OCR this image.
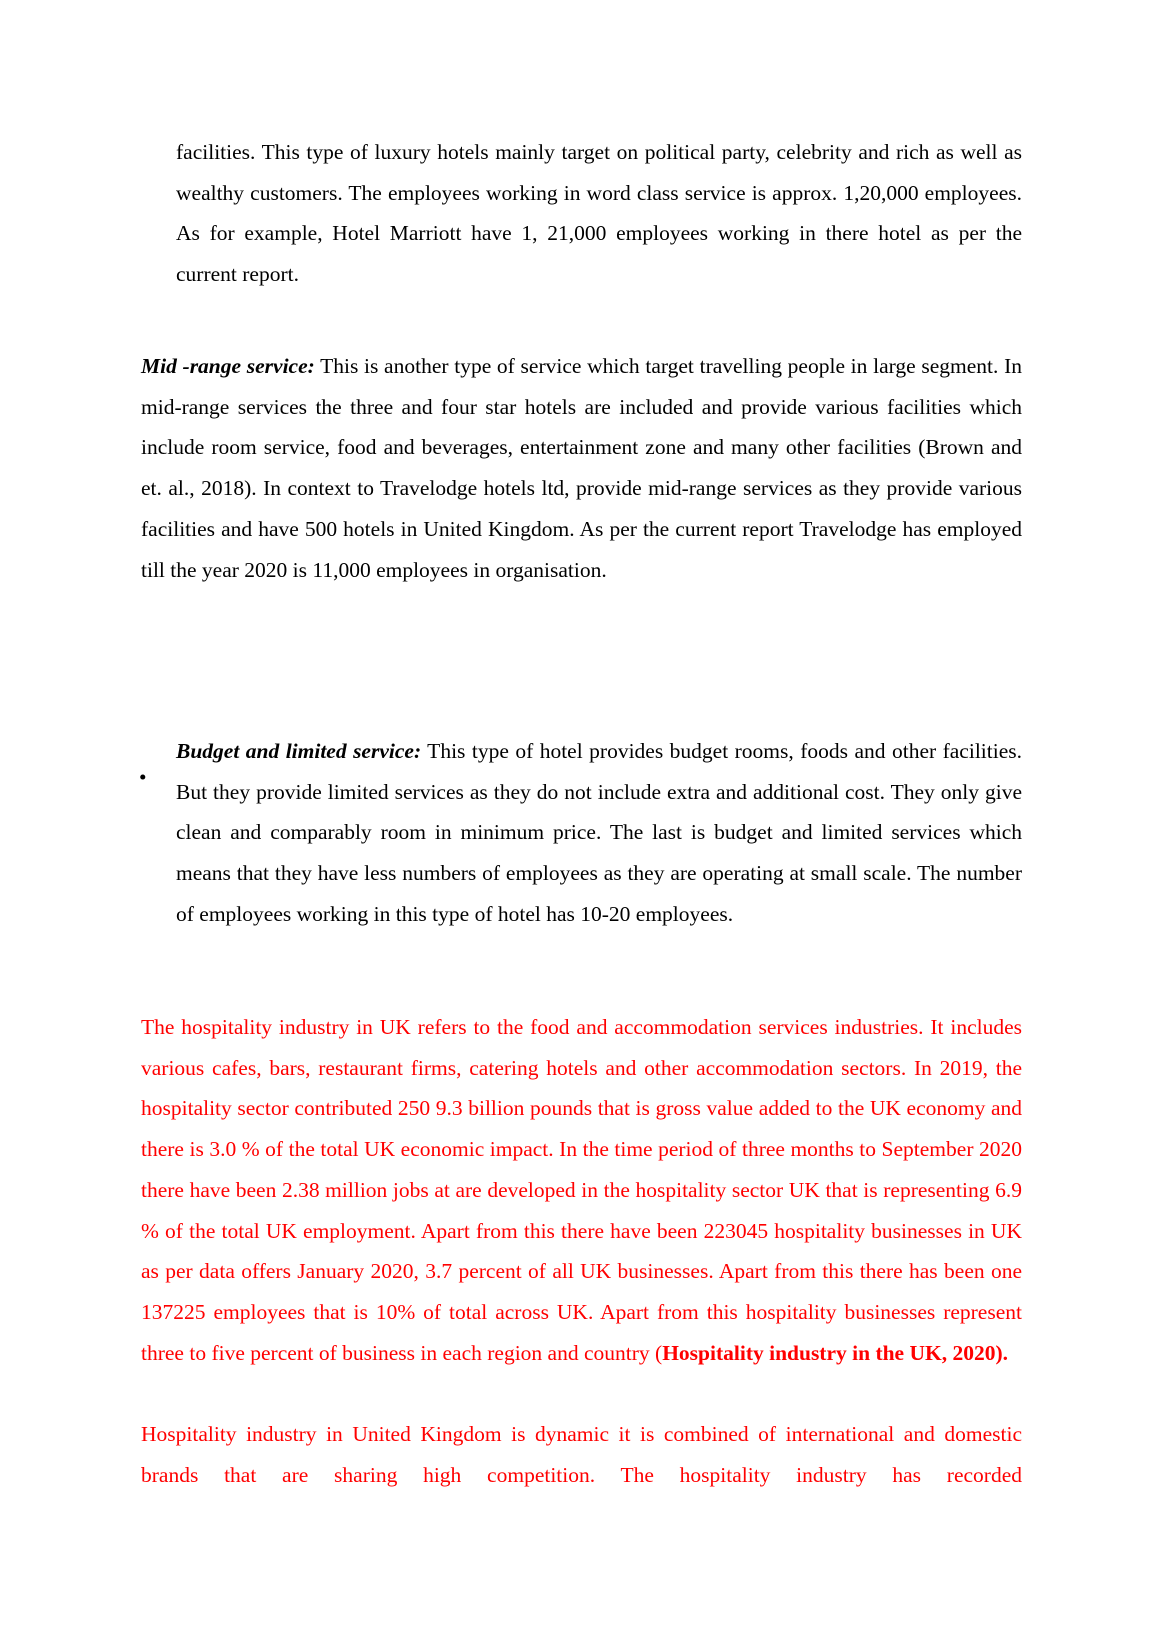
facilities. This type of luxury hotels mainly target on political party, celebrity and rich as well as wealthy customers. The employees working in word class service is approx. 1,20,000 employees. As for example, Hotel Marriott have 1, 21,000 employees working in there hotel as per the current report.

Mid -range service: This is another type of service which target travelling people in large segment. In mid-range services the three and four star hotels are included and provide various facilities which include room service, food and beverages, entertainment zone and many other facilities (Brown and et. al., 2018). In context to Travelodge hotels ltd, provide mid-range services as they provide various facilities and have 500 hotels in United Kingdom. As per the current report Travelodge has employed till the year 2020 is 11,000 employees in organisation.

•

Budget and limited service: This type of hotel provides budget rooms, foods and other facilities. But they provide limited services as they do not include extra and additional cost. They only give clean and comparably room in minimum price. The last is budget and limited services which means that they have less numbers of employees as they are operating at small scale. The number of employees working in this type of hotel has 10-20 employees.

The hospitality industry in UK refers to the food and accommodation services industries. It includes various cafes, bars, restaurant firms, catering hotels and other accommodation sectors. In 2019, the hospitality sector contributed 250 9.3 billion pounds that is gross value added to the UK economy and there is 3.0 % of the total UK economic impact. In the time period of three months to September 2020 there have been 2.38 million jobs at are developed in the hospitality sector UK that is representing 6.9 % of the total UK employment. Apart from this there have been 223045 hospitality businesses in UK as per data offers January 2020, 3.7 percent of all UK businesses. Apart from this there has been one 137225 employees that is 10% of total across UK. Apart from this hospitality businesses represent three to five percent of business in each region and country (Hospitality industry in the UK, 2020).

Hospitality industry in United Kingdom is dynamic it is combined of international and domestic brands that are sharing high competition. The hospitality industry has recorded
